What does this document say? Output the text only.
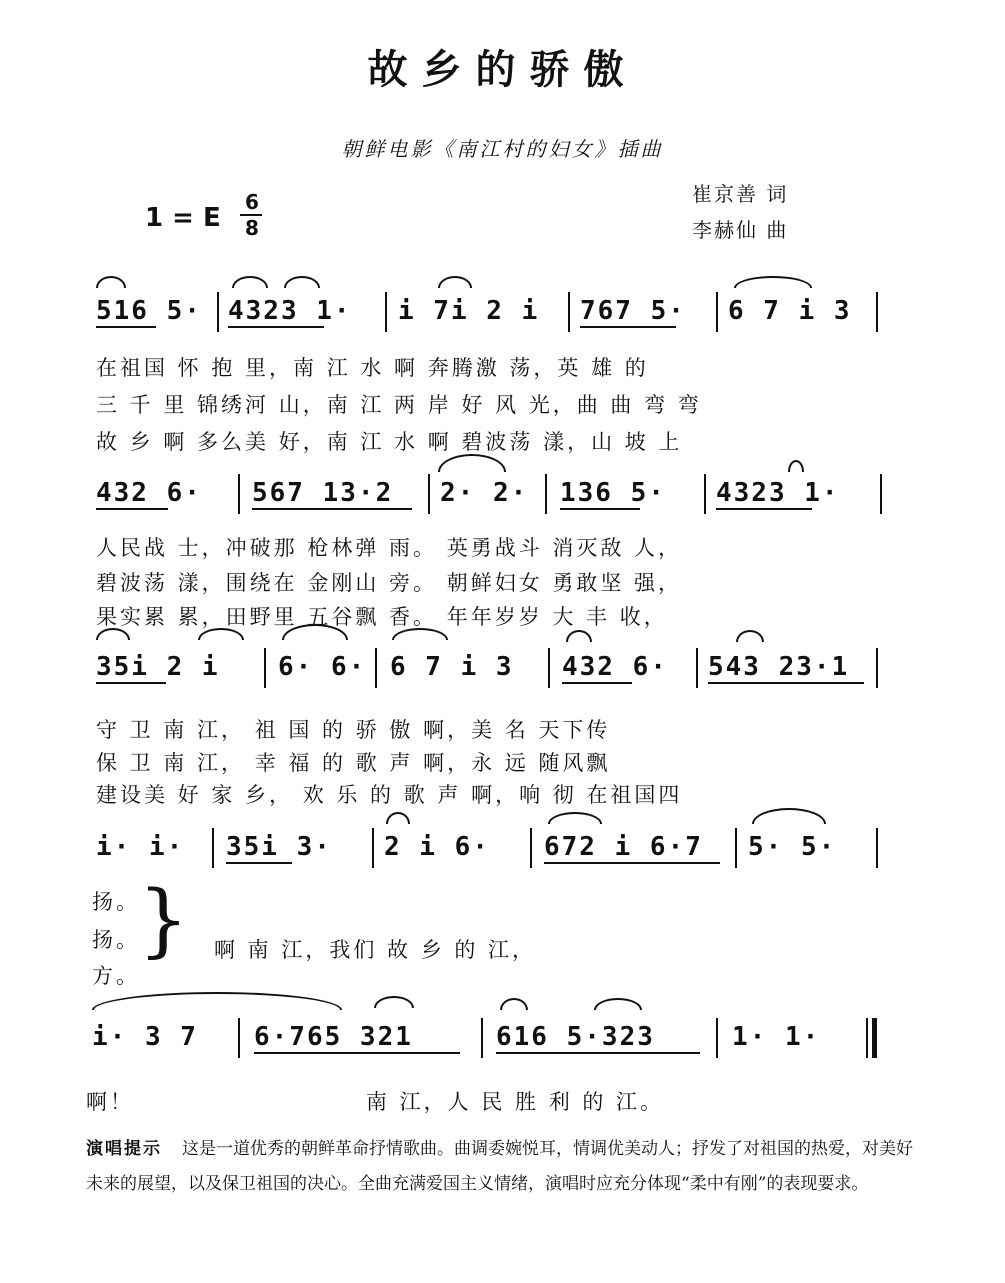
故乡的骄傲
朝鲜电影《南江村的妇女》插曲
崔京善 词
李赫仙 曲
1 = E
6
8
516 5· 4323 1· i 7i 2 i 767 5· 6 7 i 3
在祖国 怀 抱 里，南 江 水 啊 奔腾激 荡，英 雄 的
三 千 里 锦绣河 山，南 江 两 岸 好 风 光，曲 曲 弯 弯
故 乡 啊 多么美 好，南 江 水 啊 碧波荡 漾，山 坡 上
432 6· 567 13·2 2· 2· 136 5· 4323 1·
人民战 士，冲破那 枪林弹 雨。 英勇战斗 消灭敌 人，
碧波荡 漾，围绕在 金刚山 旁。 朝鲜妇女 勇敢坚 强，
果实累 累，田野里 五谷飘 香。 年年岁岁 大 丰 收，
35i 2 i 6· 6· 6 7 i 3 432 6· 543 23·1
守 卫 南 江， 祖 国 的 骄 傲 啊，美 名 天下传
保 卫 南 江， 幸 福 的 歌 声 啊，永 远 随风飘
建设美 好 家 乡， 欢 乐 的 歌 声 啊，响 彻 在祖国四
i· i· 35i 3· 2 i 6· 672 i 6·7 5· 5·
扬。
扬。
方。
} 啊 南 江，我们 故 乡 的 江，
i· 3 7 6·765 321	616 5·323	1· 1·
啊！	南 江，人 民 胜 利 的 江。
演唱提示 这是一道优秀的朝鲜革命抒情歌曲。曲调委婉悦耳，情调优美动人；抒发了对祖国的热爱，对美好未来的展望，以及保卫祖国的决心。全曲充满爱国主义情绪，演唱时应充分体现“柔中有刚”的表现要求。
